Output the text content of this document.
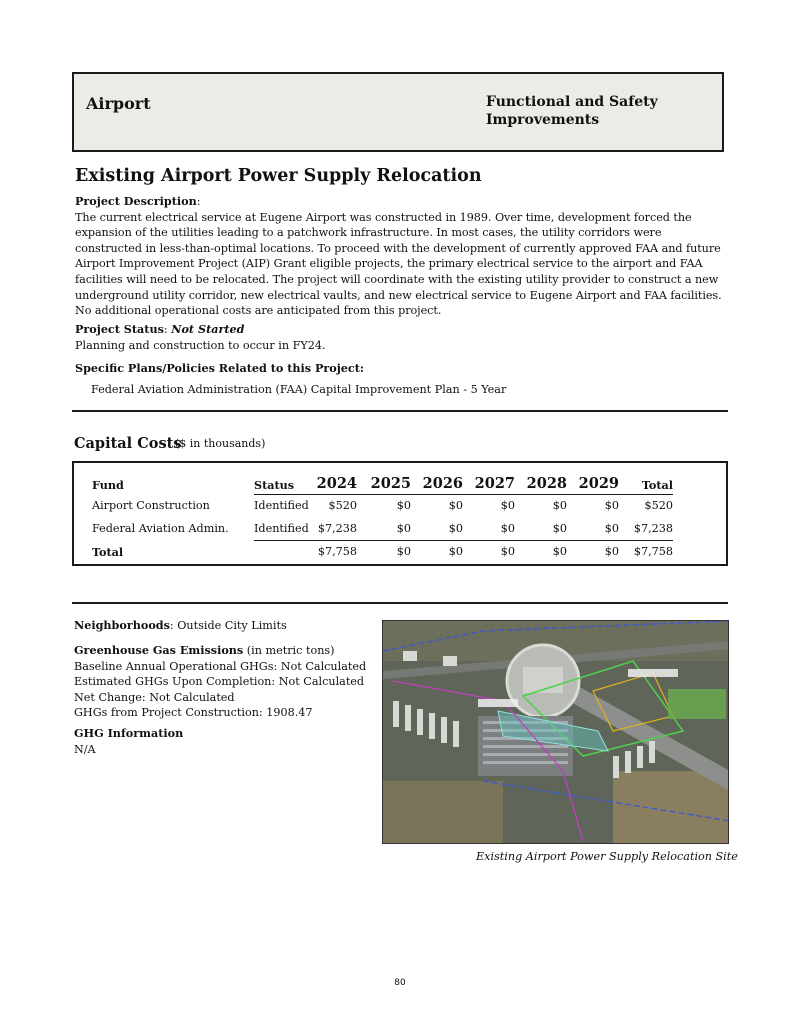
Airport	Functional and Safety Improvements
Existing Airport Power Supply Relocation
Project Description:
The current electrical service at Eugene Airport was constructed in 1989. Over time, development forced the expansion of the utilities leading to a patchwork infrastructure. In most cases, the utility corridors were constructed in less-than-optimal locations. To proceed with the development of currently approved FAA and future Airport Improvement Project (AIP) Grant eligible projects, the primary electrical service to the airport and FAA facilities will need to be relocated. The project will coordinate with the existing utility provider to construct a new underground utility corridor, new electrical vaults, and new electrical service to Eugene Airport and FAA facilities. No additional operational costs are anticipated from this project.
Project Status: Not Started
Planning and construction to occur in FY24.
Specific Plans/Policies Related to this Project:
Federal Aviation Administration (FAA) Capital Improvement Plan - 5 Year
Capital Costs
($ in thousands)
Fund	Status	2024	2025	2026	2027	2028	2029	Total
Airport Construction	Identified	$520	$0	$0	$0	$0	$0	$520
Federal Aviation Admin.	Identified	$7,238	$0	$0	$0	$0	$0	$7,238
Total		$7,758	$0	$0	$0	$0	$0	$7,758
Neighborhoods: Outside City Limits
Greenhouse Gas Emissions (in metric tons)
Baseline Annual Operational GHGs: Not Calculated
Estimated GHGs Upon Completion: Not Calculated
Net Change: Not Calculated
GHGs from Project Construction: 1908.47
GHG Information
N/A
Existing Airport Power Supply Relocation Site
80
